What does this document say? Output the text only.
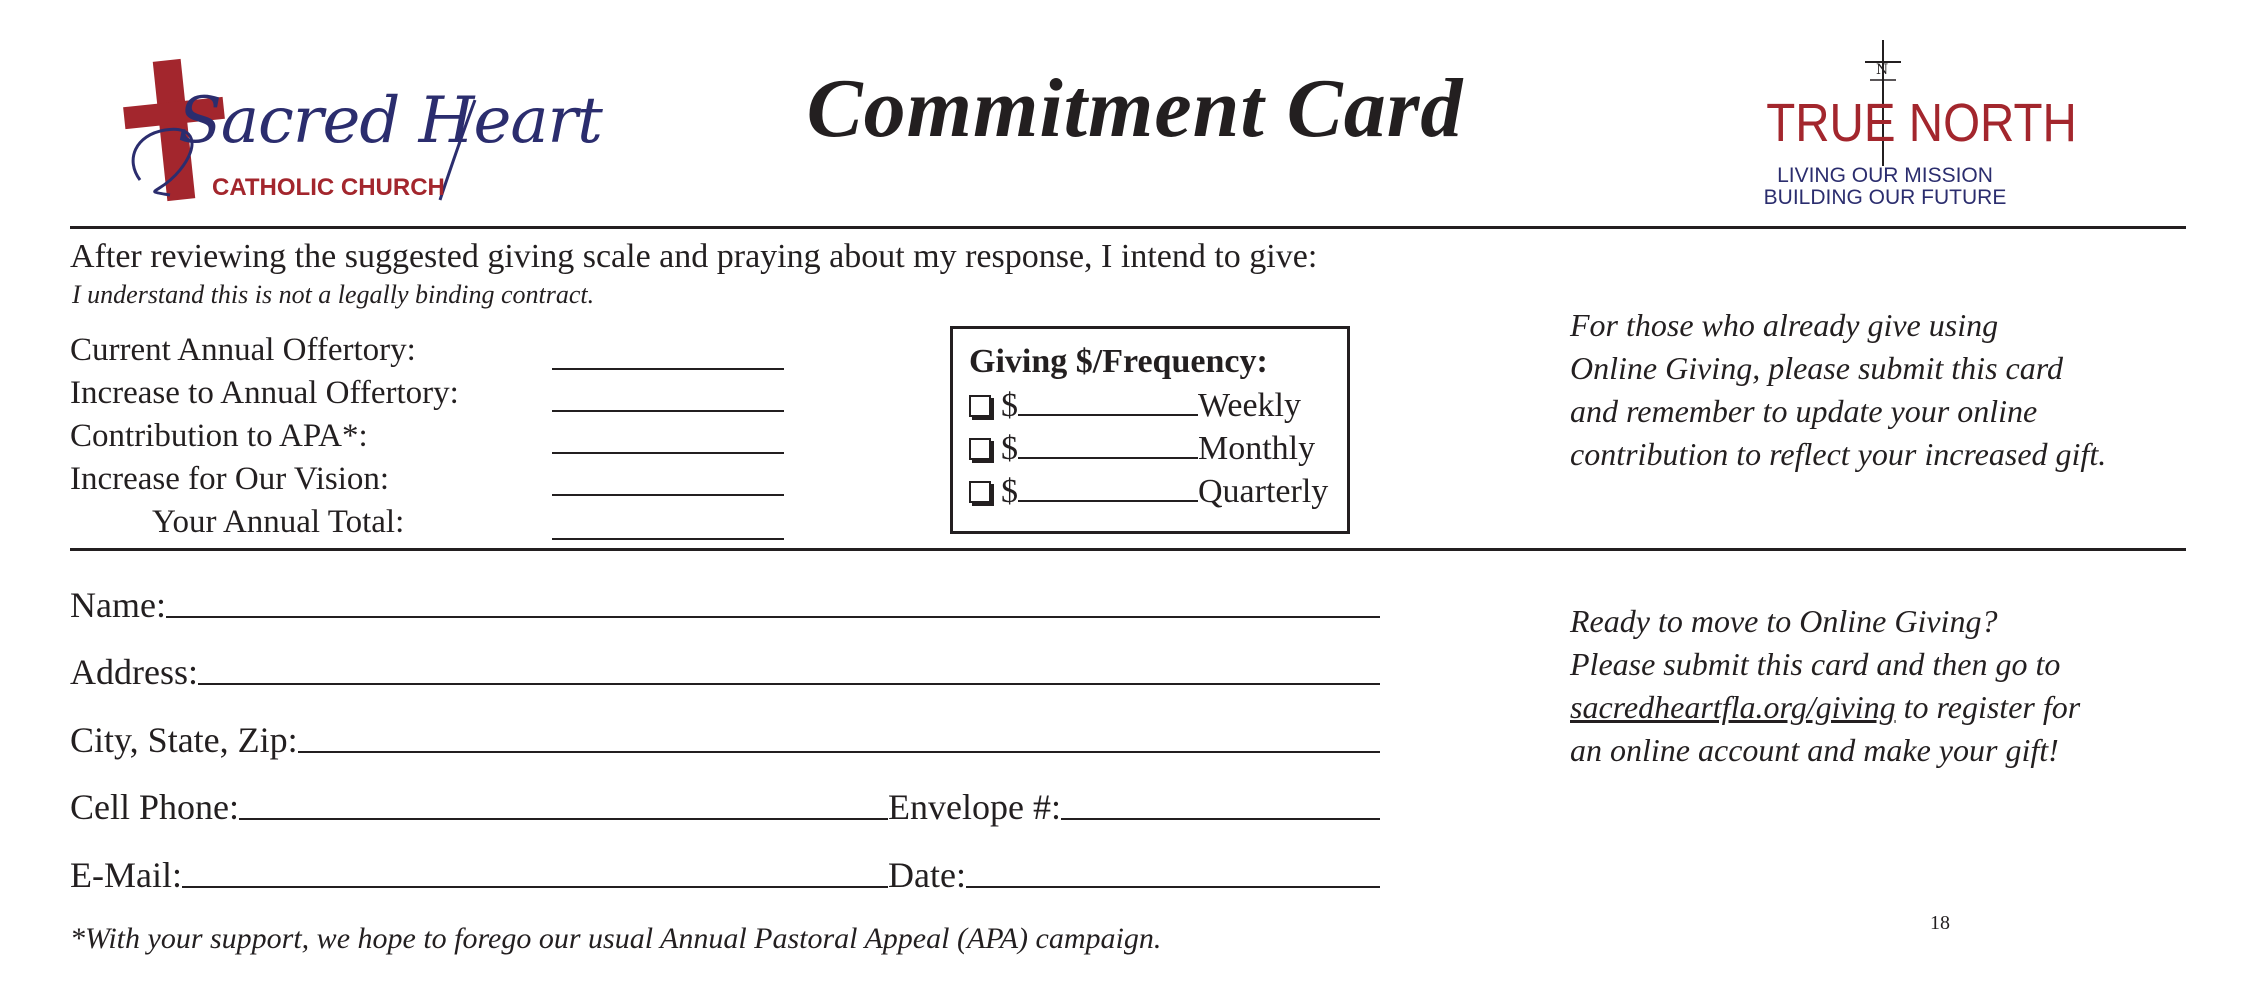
Sacred Heart
CATHOLIC CHURCH
Commitment Card	N
TRUE NORTH
LIVING OUR MISSION
BUILDING OUR FUTURE
After reviewing the suggested giving scale and praying about my response, I intend to give:
I understand this is not a legally binding contract.
Current Annual Offertory:
Increase to Annual Offertory:
Contribution to APA*:
Increase for Our Vision:
Your Annual Total:
Giving $/Frequency:
$	Weekly
$	Monthly
$	Quarterly
For those who already give using
Online Giving, please submit this card
and remember to update your online
contribution to reflect your increased gift.
Name:
Address:
City, State, Zip:
Cell Phone:	Envelope #:
E-Mail:	Date:
Ready to move to Online Giving?
Please submit this card and then go to
sacredheartfla.org/giving to register for
an online account and make your gift!
*With your support, we hope to forego our usual Annual Pastoral Appeal (APA) campaign.	18
